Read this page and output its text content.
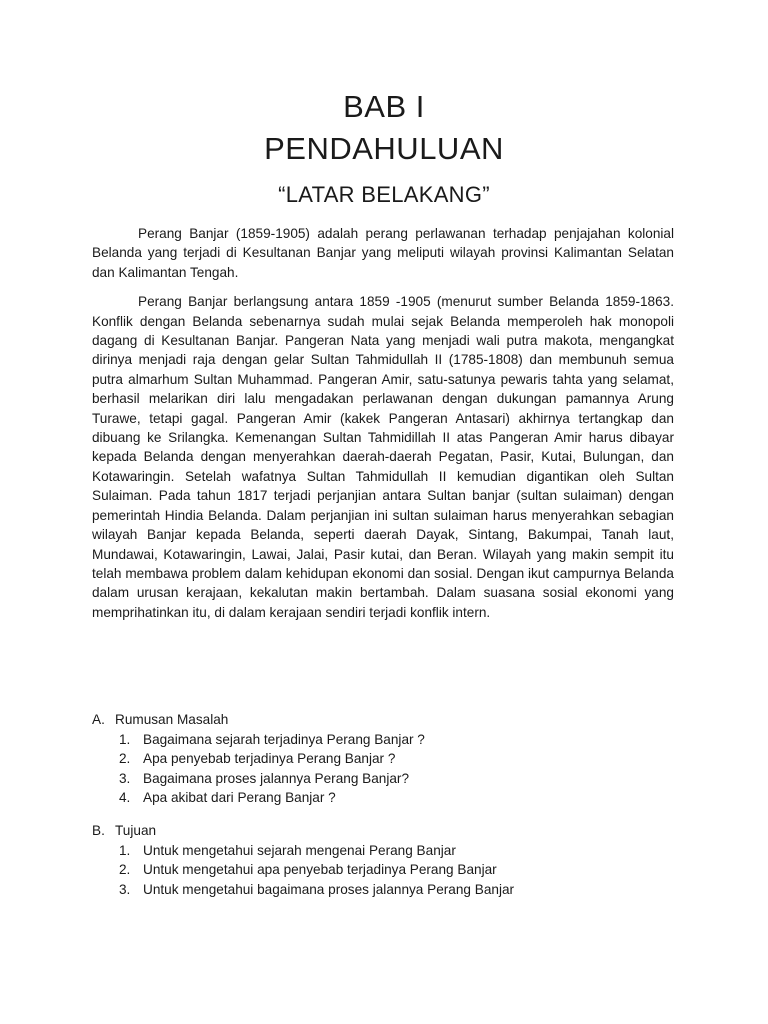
BAB I
PENDAHULUAN
“LATAR BELAKANG”

Perang Banjar (1859-1905) adalah perang perlawanan terhadap penjajahan kolonial Belanda yang terjadi di Kesultanan Banjar yang meliputi wilayah provinsi Kalimantan Selatan dan Kalimantan Tengah.

Perang Banjar berlangsung antara 1859 -1905 (menurut sumber Belanda 1859-1863. Konflik dengan Belanda sebenarnya sudah mulai sejak Belanda memperoleh hak monopoli dagang di Kesultanan Banjar. Pangeran Nata yang menjadi wali putra makota, mengangkat dirinya menjadi raja dengan gelar Sultan Tahmidullah II (1785-1808) dan membunuh semua putra almarhum Sultan Muhammad. Pangeran Amir, satu-satunya pewaris tahta yang selamat, berhasil melarikan diri lalu mengadakan perlawanan dengan dukungan pamannya Arung Turawe, tetapi gagal. Pangeran Amir (kakek Pangeran Antasari) akhirnya tertangkap dan dibuang ke Srilangka. Kemenangan Sultan Tahmidillah II atas Pangeran Amir harus dibayar kepada Belanda dengan menyerahkan daerah-daerah Pegatan, Pasir, Kutai, Bulungan, dan Kotawaringin. Setelah wafatnya Sultan Tahmidullah II kemudian digantikan oleh Sultan Sulaiman. Pada tahun 1817 terjadi perjanjian antara Sultan banjar (sultan sulaiman) dengan pemerintah Hindia Belanda. Dalam perjanjian ini sultan sulaiman harus menyerahkan sebagian wilayah Banjar kepada Belanda, seperti daerah Dayak, Sintang, Bakumpai, Tanah laut, Mundawai, Kotawaringin, Lawai, Jalai, Pasir kutai, dan Beran. Wilayah yang makin sempit itu telah membawa problem dalam kehidupan ekonomi dan sosial. Dengan ikut campurnya Belanda dalam urusan kerajaan, kekalutan makin bertambah. Dalam suasana sosial ekonomi yang memprihatinkan itu, di dalam kerajaan sendiri terjadi konflik intern.

A. Rumusan Masalah
1. Bagaimana sejarah terjadinya Perang Banjar ?
2. Apa penyebab terjadinya Perang Banjar ?
3. Bagaimana proses jalannya Perang Banjar?
4. Apa akibat dari Perang Banjar ?
B. Tujuan
1. Untuk mengetahui sejarah mengenai Perang Banjar
2. Untuk mengetahui apa penyebab terjadinya Perang Banjar
3. Untuk mengetahui bagaimana proses jalannya Perang Banjar
